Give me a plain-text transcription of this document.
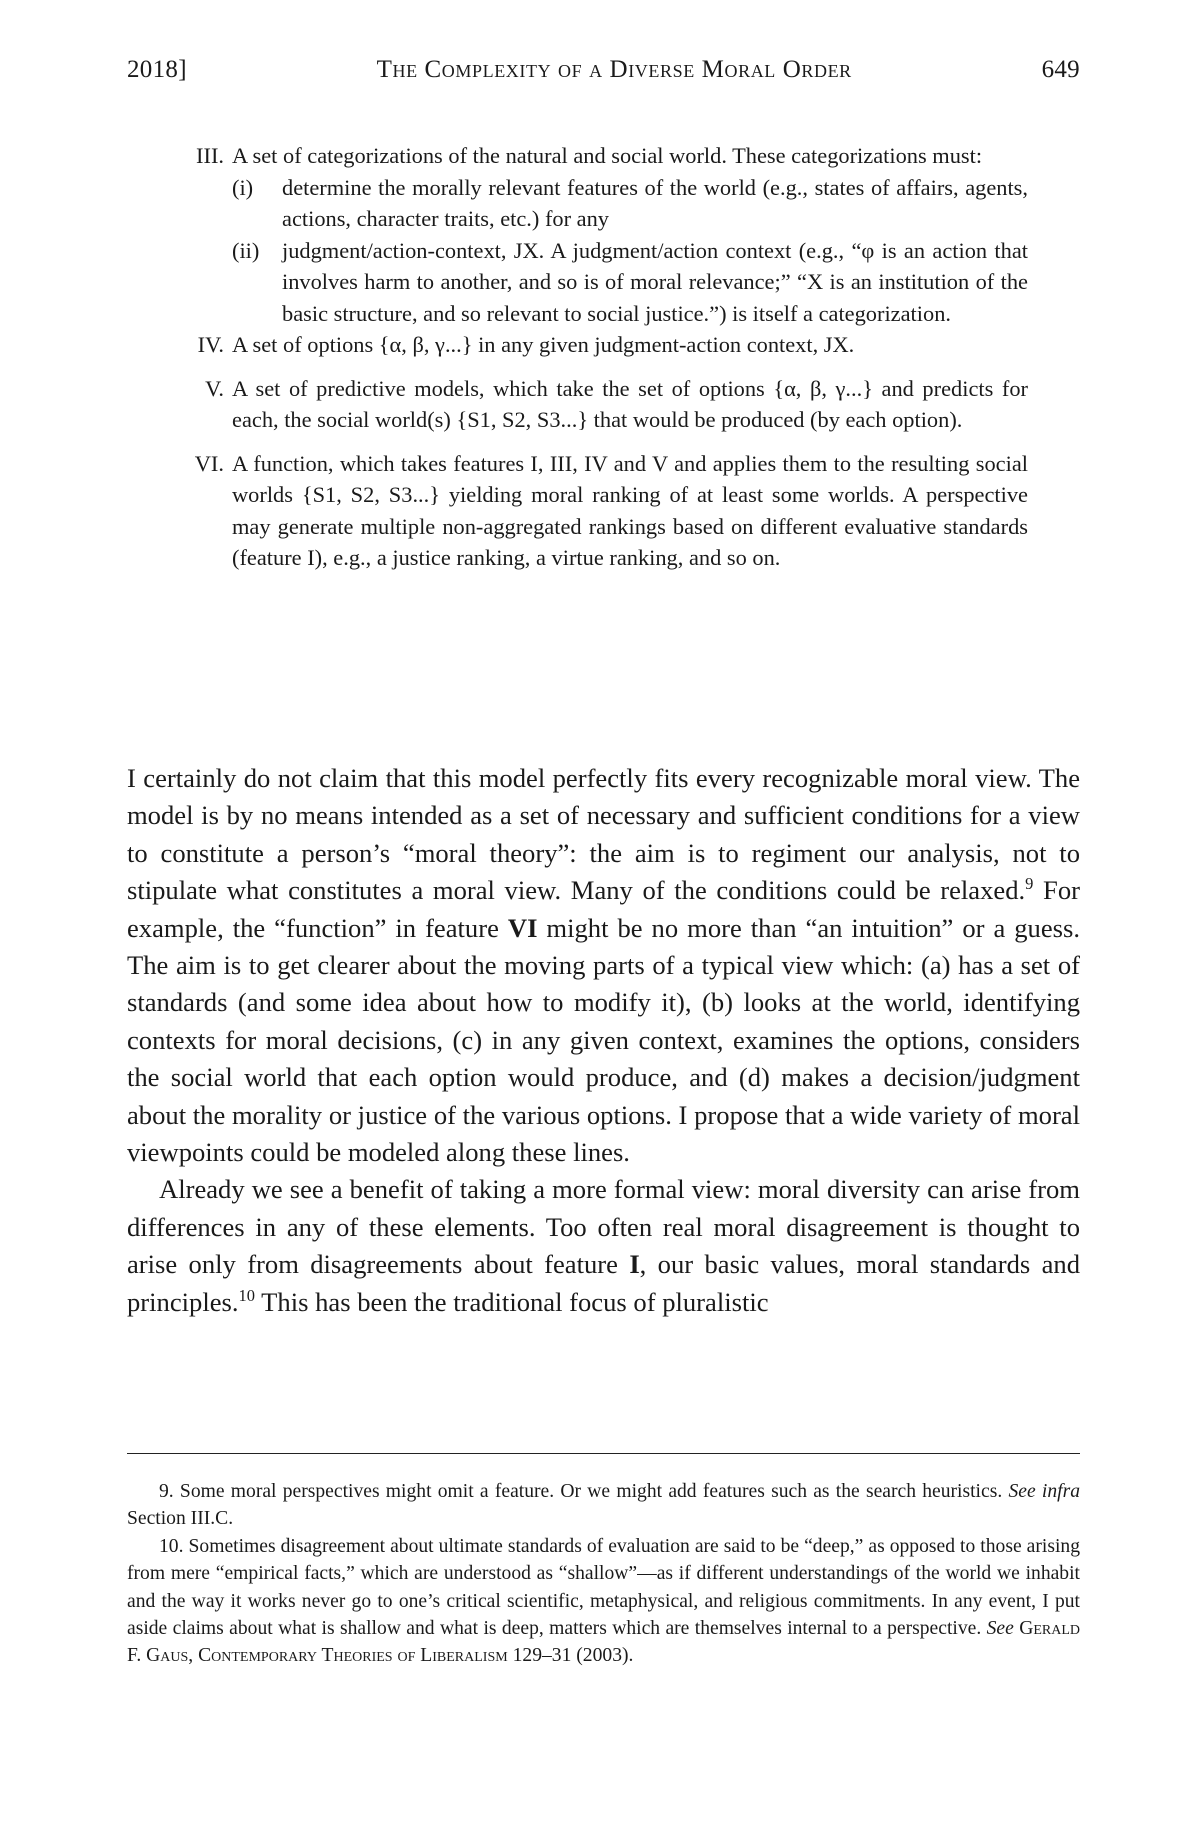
2018]	The Complexity of a Diverse Moral Order	649
III. A set of categorizations of the natural and social world. These categorizations must:
(i)	determine the morally relevant features of the world (e.g., states of affairs, agents, actions, character traits, etc.) for any
(ii)	judgment/action-context, JX. A judgment/action context (e.g., “φ is an action that involves harm to another, and so is of moral relevance;” “X is an institution of the basic structure, and so relevant to social justice.”) is itself a categorization.
IV. A set of options {α, β, γ...} in any given judgment-action context, JX.
V. A set of predictive models, which take the set of options {α, β, γ...} and predicts for each, the social world(s) {S1, S2, S3...} that would be produced (by each option).
VI. A function, which takes features I, III, IV and V and applies them to the resulting social worlds {S1, S2, S3...} yielding moral ranking of at least some worlds. A perspective may generate multiple non-aggregated rankings based on different evaluative standards (feature I), e.g., a justice ranking, a virtue ranking, and so on.

I certainly do not claim that this model perfectly fits every recognizable moral view. The model is by no means intended as a set of necessary and sufficient conditions for a view to constitute a person’s “moral theory”: the aim is to regiment our analysis, not to stipulate what constitutes a moral view. Many of the conditions could be relaxed.$^9$ For example, the “function” in feature VI might be no more than “an intuition” or a guess. The aim is to get clearer about the moving parts of a typical view which: (a) has a set of standards (and some idea about how to modify it), (b) looks at the world, identifying contexts for moral decisions, (c) in any given context, examines the options, considers the social world that each option would produce, and (d) makes a decision/judgment about the morality or justice of the various options. I propose that a wide variety of moral viewpoints could be modeled along these lines.

Already we see a benefit of taking a more formal view: moral diversity can arise from differences in any of these elements. Too often real moral disagreement is thought to arise only from disagreements about feature I, our basic values, moral standards and principles.$^{10}$ This has been the traditional focus of pluralistic

9. Some moral perspectives might omit a feature. Or we might add features such as the search heuristics. See infra Section III.C.

10. Sometimes disagreement about ultimate standards of evaluation are said to be “deep,” as opposed to those arising from mere “empirical facts,” which are understood as “shallow”—as if different understandings of the world we inhabit and the way it works never go to one’s critical scientific, metaphysical, and religious commitments. In any event, I put aside claims about what is shallow and what is deep, matters which are themselves internal to a perspective. See Gerald F. Gaus, Contemporary Theories of Liberalism 129–31 (2003).
